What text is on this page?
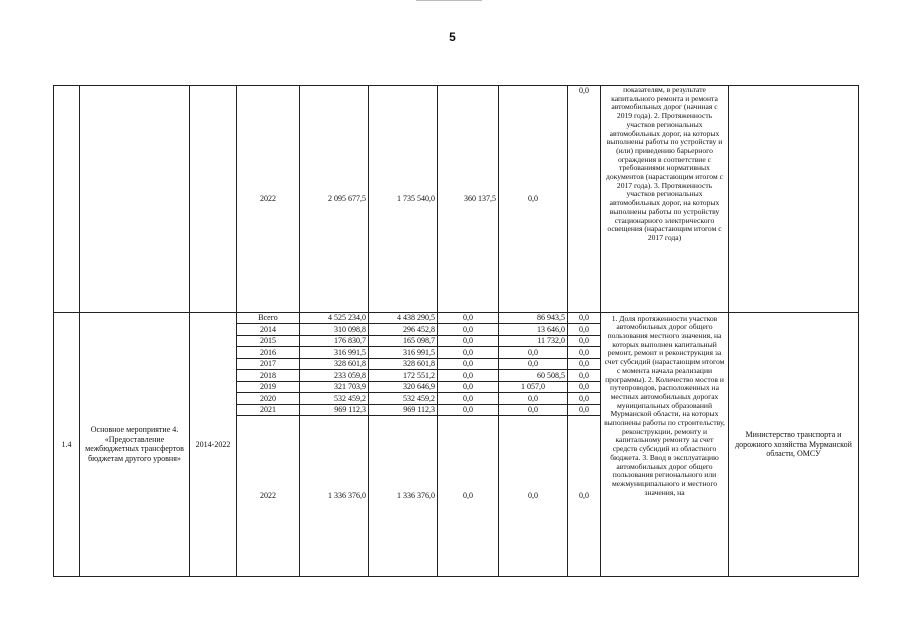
5
			2022	2 095 677,5	1 735 540,0	360 137,5	0,0	0,0	показателям, в результате капитального ремонта и ремонта автомобильных дорог (начиная с 2019 года). 2. Протяженность участков региональных автомобильных дорог, на которых выполнены работы по устройству и (или) приведению барьерного ограждения в соответствие с требованиями нормативных документов (нарастающим итогом с 2017 года). 3. Протяженность участков региональных автомобильных дорог, на которых выполнены работы по устройству стационарного электрического освещения (нарастающим итогом с 2017 года)	
1.4	Основное мероприятие 4. «Предоставление межбюджетных трансфертов бюджетам другого уровня»	2014-2022	Всего	4 525 234,0	4 438 290,5	0,0	86 943,5	0,0	1. Доля протяженности участков автомобильных дорог общего пользования местного значения, на которых выполнен капитальный ремонт, ремонт и реконструкция за счет субсидий (нарастающим итогом с момента начала реализации программы). 2. Количество мостов и путепроводов, расположенных на местных автомобильных дорогах муниципальных образований Мурманской области, на которых выполнены работы по строительству, реконструкции, ремонту и капитальному ремонту за счет средств субсидий из областного бюджета. 3. Ввод в эксплуатацию автомобильных дорог общего пользования регионального или межмуниципального и местного значения, на	Министерство транспорта и дорожного хозяйства Мурманской области, ОМСУ
			2014	310 098,8	296 452,8	0,0	13 646,0	0,0		
			2015	176 830,7	165 098,7	0,0	11 732,0	0,0		
			2016	316 991,5	316 991,5	0,0	0,0	0,0		
			2017	328 601,8	328 601,8	0,0	0,0	0,0		
			2018	233 059,8	172 551,2	0,0	60 508,5	0,0		
			2019	321 703,9	320 646,9	0,0	1 057,0	0,0		
			2020	532 459,2	532 459,2	0,0	0,0	0,0		
			2021	969 112,3	969 112,3	0,0	0,0	0,0		
			2022	1 336 376,0	1 336 376,0	0,0	0,0	0,0		
